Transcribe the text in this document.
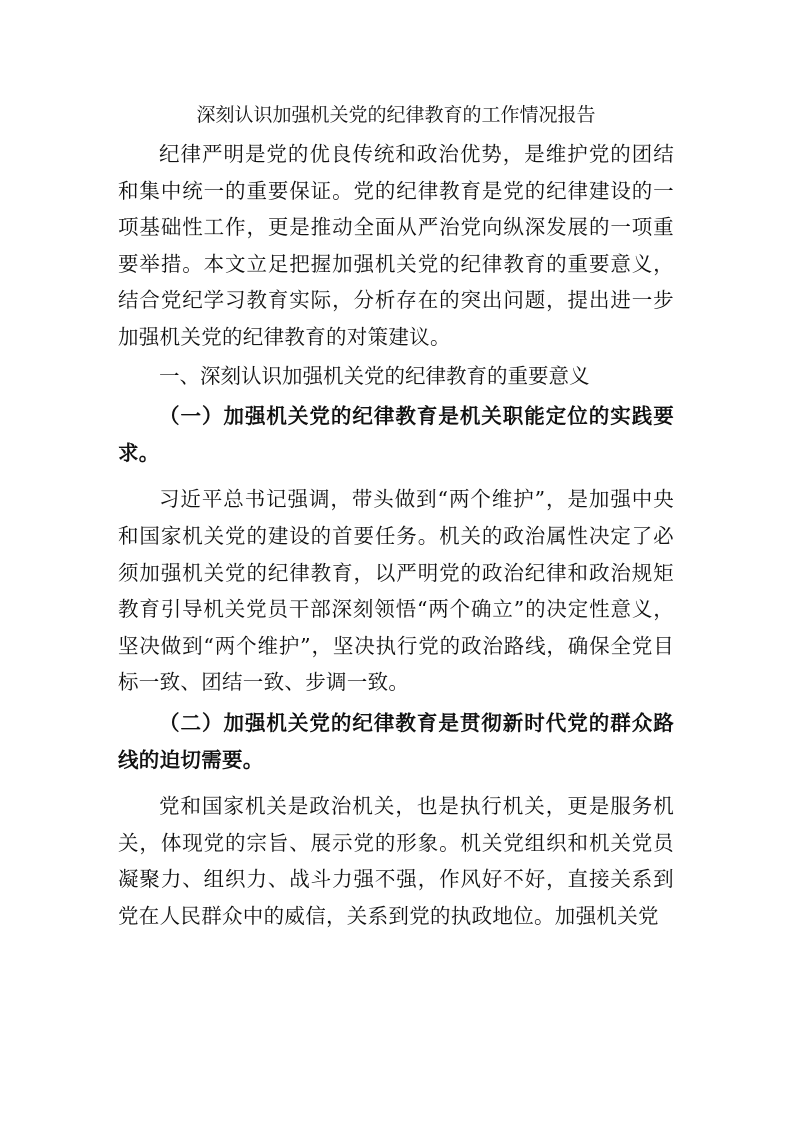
深刻认识加强机关党的纪律教育的工作情况报告

纪律严明是党的优良传统和政治优势，是维护党的团结和集中统一的重要保证。党的纪律教育是党的纪律建设的一项基础性工作，更是推动全面从严治党向纵深发展的一项重要举措。本文立足把握加强机关党的纪律教育的重要意义，结合党纪学习教育实际，分析存在的突出问题，提出进一步加强机关党的纪律教育的对策建议。

一、深刻认识加强机关党的纪律教育的重要意义

（一）加强机关党的纪律教育是机关职能定位的实践要求。

习近平总书记强调，带头做到“两个维护”，是加强中央和国家机关党的建设的首要任务。机关的政治属性决定了必须加强机关党的纪律教育，以严明党的政治纪律和政治规矩教育引导机关党员干部深刻领悟“两个确立”的决定性意义，坚决做到“两个维护”，坚决执行党的政治路线，确保全党目标一致、团结一致、步调一致。

（二）加强机关党的纪律教育是贯彻新时代党的群众路线的迫切需要。

党和国家机关是政治机关，也是执行机关，更是服务机关，体现党的宗旨、展示党的形象。机关党组织和机关党员凝聚力、组织力、战斗力强不强，作风好不好，直接关系到党在人民群众中的威信，关系到党的执政地位。加强机关党
